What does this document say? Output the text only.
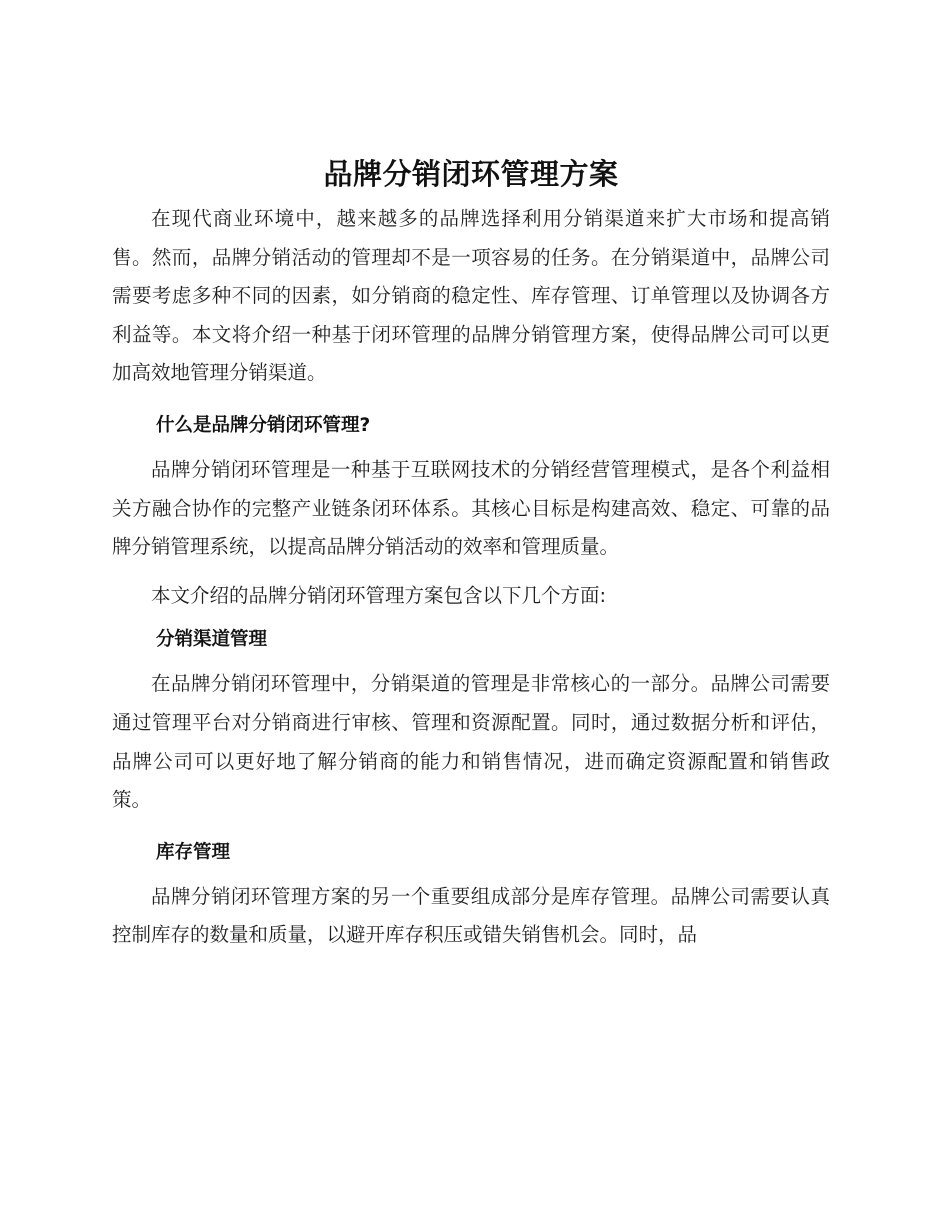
品牌分销闭环管理方案

在现代商业环境中，越来越多的品牌选择利用分销渠道来扩大市场和提高销售。然而，品牌分销活动的管理却不是一项容易的任务。在分销渠道中，品牌公司需要考虑多种不同的因素，如分销商的稳定性、库存管理、订单管理以及协调各方利益等。本文将介绍一种基于闭环管理的品牌分销管理方案，使得品牌公司可以更加高效地管理分销渠道。

什么是品牌分销闭环管理?

品牌分销闭环管理是一种基于互联网技术的分销经营管理模式，是各个利益相关方融合协作的完整产业链条闭环体系。其核心目标是构建高效、稳定、可靠的品牌分销管理系统，以提高品牌分销活动的效率和管理质量。

本文介绍的品牌分销闭环管理方案包含以下几个方面:

分销渠道管理

在品牌分销闭环管理中，分销渠道的管理是非常核心的一部分。品牌公司需要通过管理平台对分销商进行审核、管理和资源配置。同时，通过数据分析和评估，品牌公司可以更好地了解分销商的能力和销售情况，进而确定资源配置和销售政策。

库存管理

品牌分销闭环管理方案的另一个重要组成部分是库存管理。品牌公司需要认真控制库存的数量和质量，以避开库存积压或错失销售机会。同时，品
